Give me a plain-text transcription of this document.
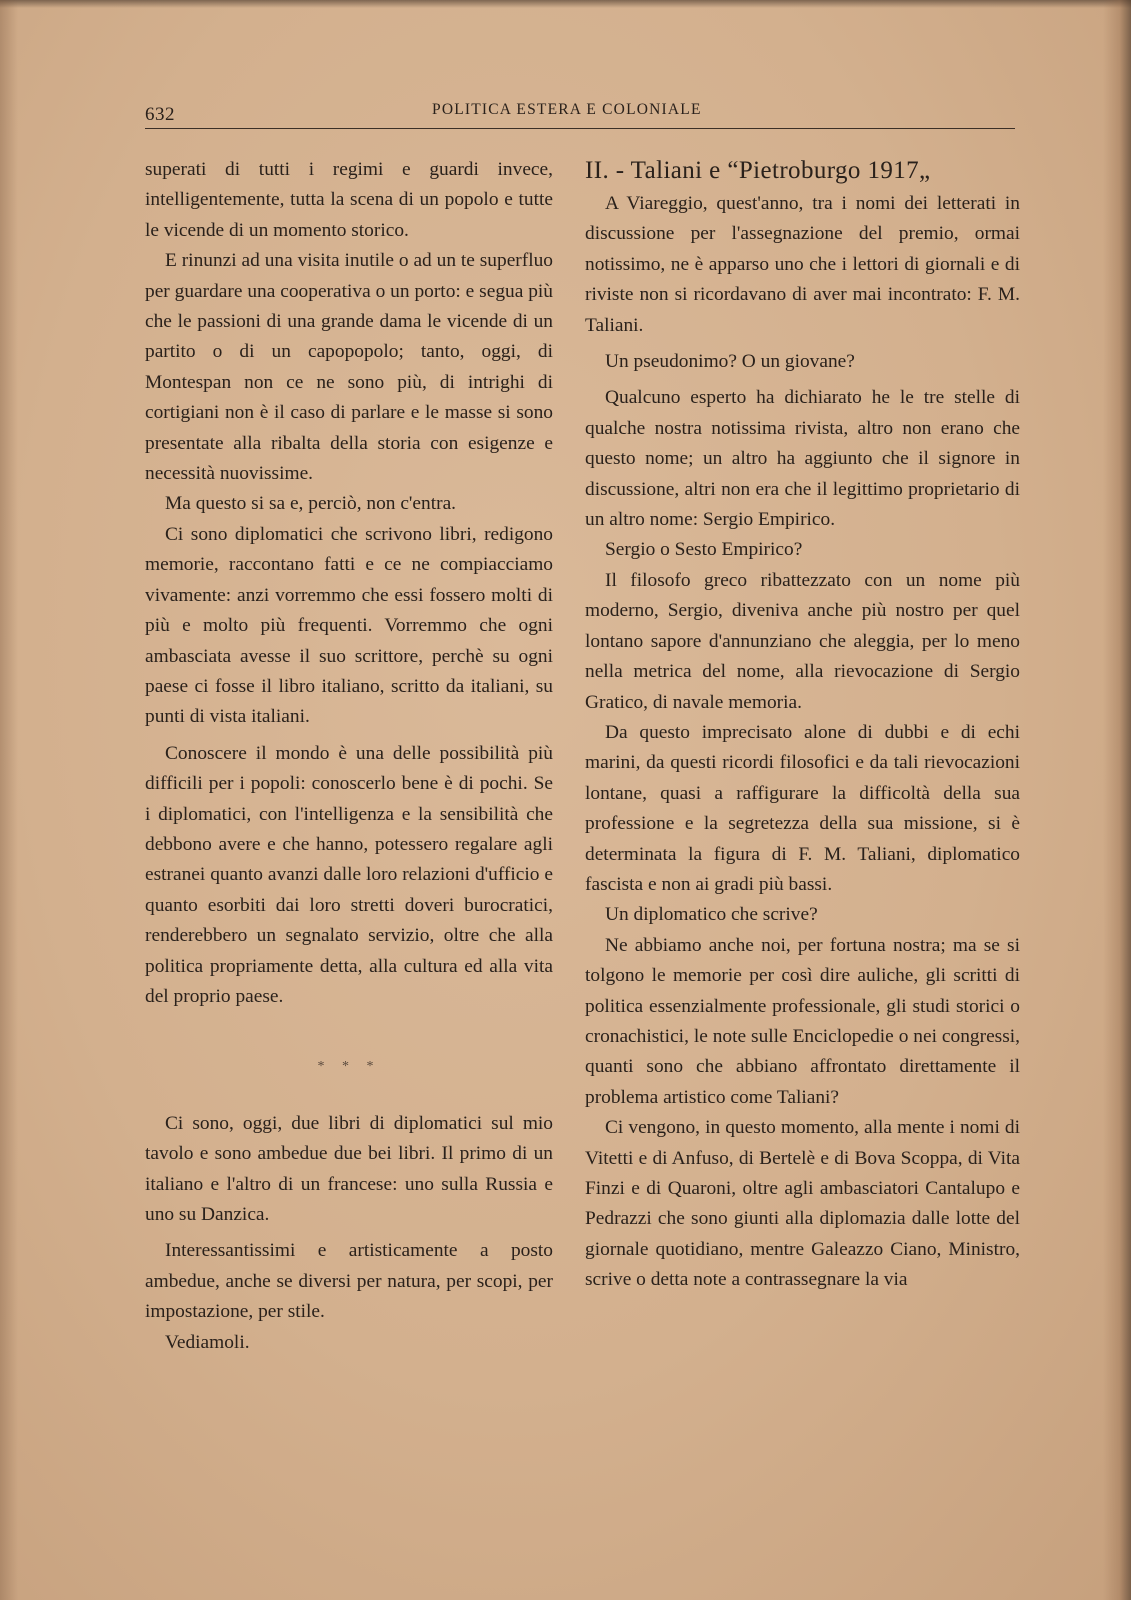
632	POLITICA ESTERA E COLONIALE

superati di tutti i regimi e guardi invece, intelligentemente, tutta la scena di un popolo e tutte le vicende di un momento storico.

E rinunzi ad una visita inutile o ad un te superfluo per guardare una cooperativa o un porto: e segua più che le passioni di una grande dama le vicende di un partito o di un capopopolo; tanto, oggi, di Montespan non ce ne sono più, di intrighi di cortigiani non è il caso di parlare e le masse si sono presentate alla ribalta della storia con esigenze e necessità nuovissime.

Ma questo si sa e, perciò, non c'entra.

Ci sono diplomatici che scrivono libri, redigono memorie, raccontano fatti e ce ne compiacciamo vivamente: anzi vorremmo che essi fossero molti di più e molto più frequenti. Vorremmo che ogni ambasciata avesse il suo scrittore, perchè su ogni paese ci fosse il libro italiano, scritto da italiani, su punti di vista italiani.

Conoscere il mondo è una delle possibilità più difficili per i popoli: conoscerlo bene è di pochi. Se i diplomatici, con l'intelligenza e la sensibilità che debbono avere e che hanno, potessero regalare agli estranei quanto avanzi dalle loro relazioni d'ufficio e quanto esorbiti dai loro stretti doveri burocratici, renderebbero un segnalato servizio, oltre che alla politica propriamente detta, alla cultura ed alla vita del proprio paese.

* * *

Ci sono, oggi, due libri di diplomatici sul mio tavolo e sono ambedue due bei libri. Il primo di un italiano e l'altro di un francese: uno sulla Russia e uno su Danzica.

Interessantissimi e artisticamente a posto ambedue, anche se diversi per natura, per scopi, per impostazione, per stile.

Vediamoli.

II. - Taliani e “Pietroburgo 1917„

A Viareggio, quest'anno, tra i nomi dei letterati in discussione per l'assegnazione del premio, ormai notissimo, ne è apparso uno che i lettori di giornali e di riviste non si ricordavano di aver mai incontrato: F. M. Taliani.

Un pseudonimo? O un giovane?

Qualcuno esperto ha dichiarato he le tre stelle di qualche nostra notissima rivista, altro non erano che questo nome; un altro ha aggiunto che il signore in discussione, altri non era che il legittimo proprietario di un altro nome: Sergio Empirico.

Sergio o Sesto Empirico?

Il filosofo greco ribattezzato con un nome più moderno, Sergio, diveniva anche più nostro per quel lontano sapore d'annunziano che aleggia, per lo meno nella metrica del nome, alla rievocazione di Sergio Gratico, di navale memoria.

Da questo imprecisato alone di dubbi e di echi marini, da questi ricordi filosofici e da tali rievocazioni lontane, quasi a raffigurare la difficoltà della sua professione e la segretezza della sua missione, si è determinata la figura di F. M. Taliani, diplomatico fascista e non ai gradi più bassi.

Un diplomatico che scrive?

Ne abbiamo anche noi, per fortuna nostra; ma se si tolgono le memorie per così dire auliche, gli scritti di politica essenzialmente professionale, gli studi storici o cronachistici, le note sulle Enciclopedie o nei congressi, quanti sono che abbiano affrontato direttamente il problema artistico come Taliani?

Ci vengono, in questo momento, alla mente i nomi di Vitetti e di Anfuso, di Bertelè e di Bova Scoppa, di Vita Finzi e di Quaroni, oltre agli ambasciatori Cantalupo e Pedrazzi che sono giunti alla diplomazia dalle lotte del giornale quotidiano, mentre Galeazzo Ciano, Ministro, scrive o detta note a contrassegnare la via
